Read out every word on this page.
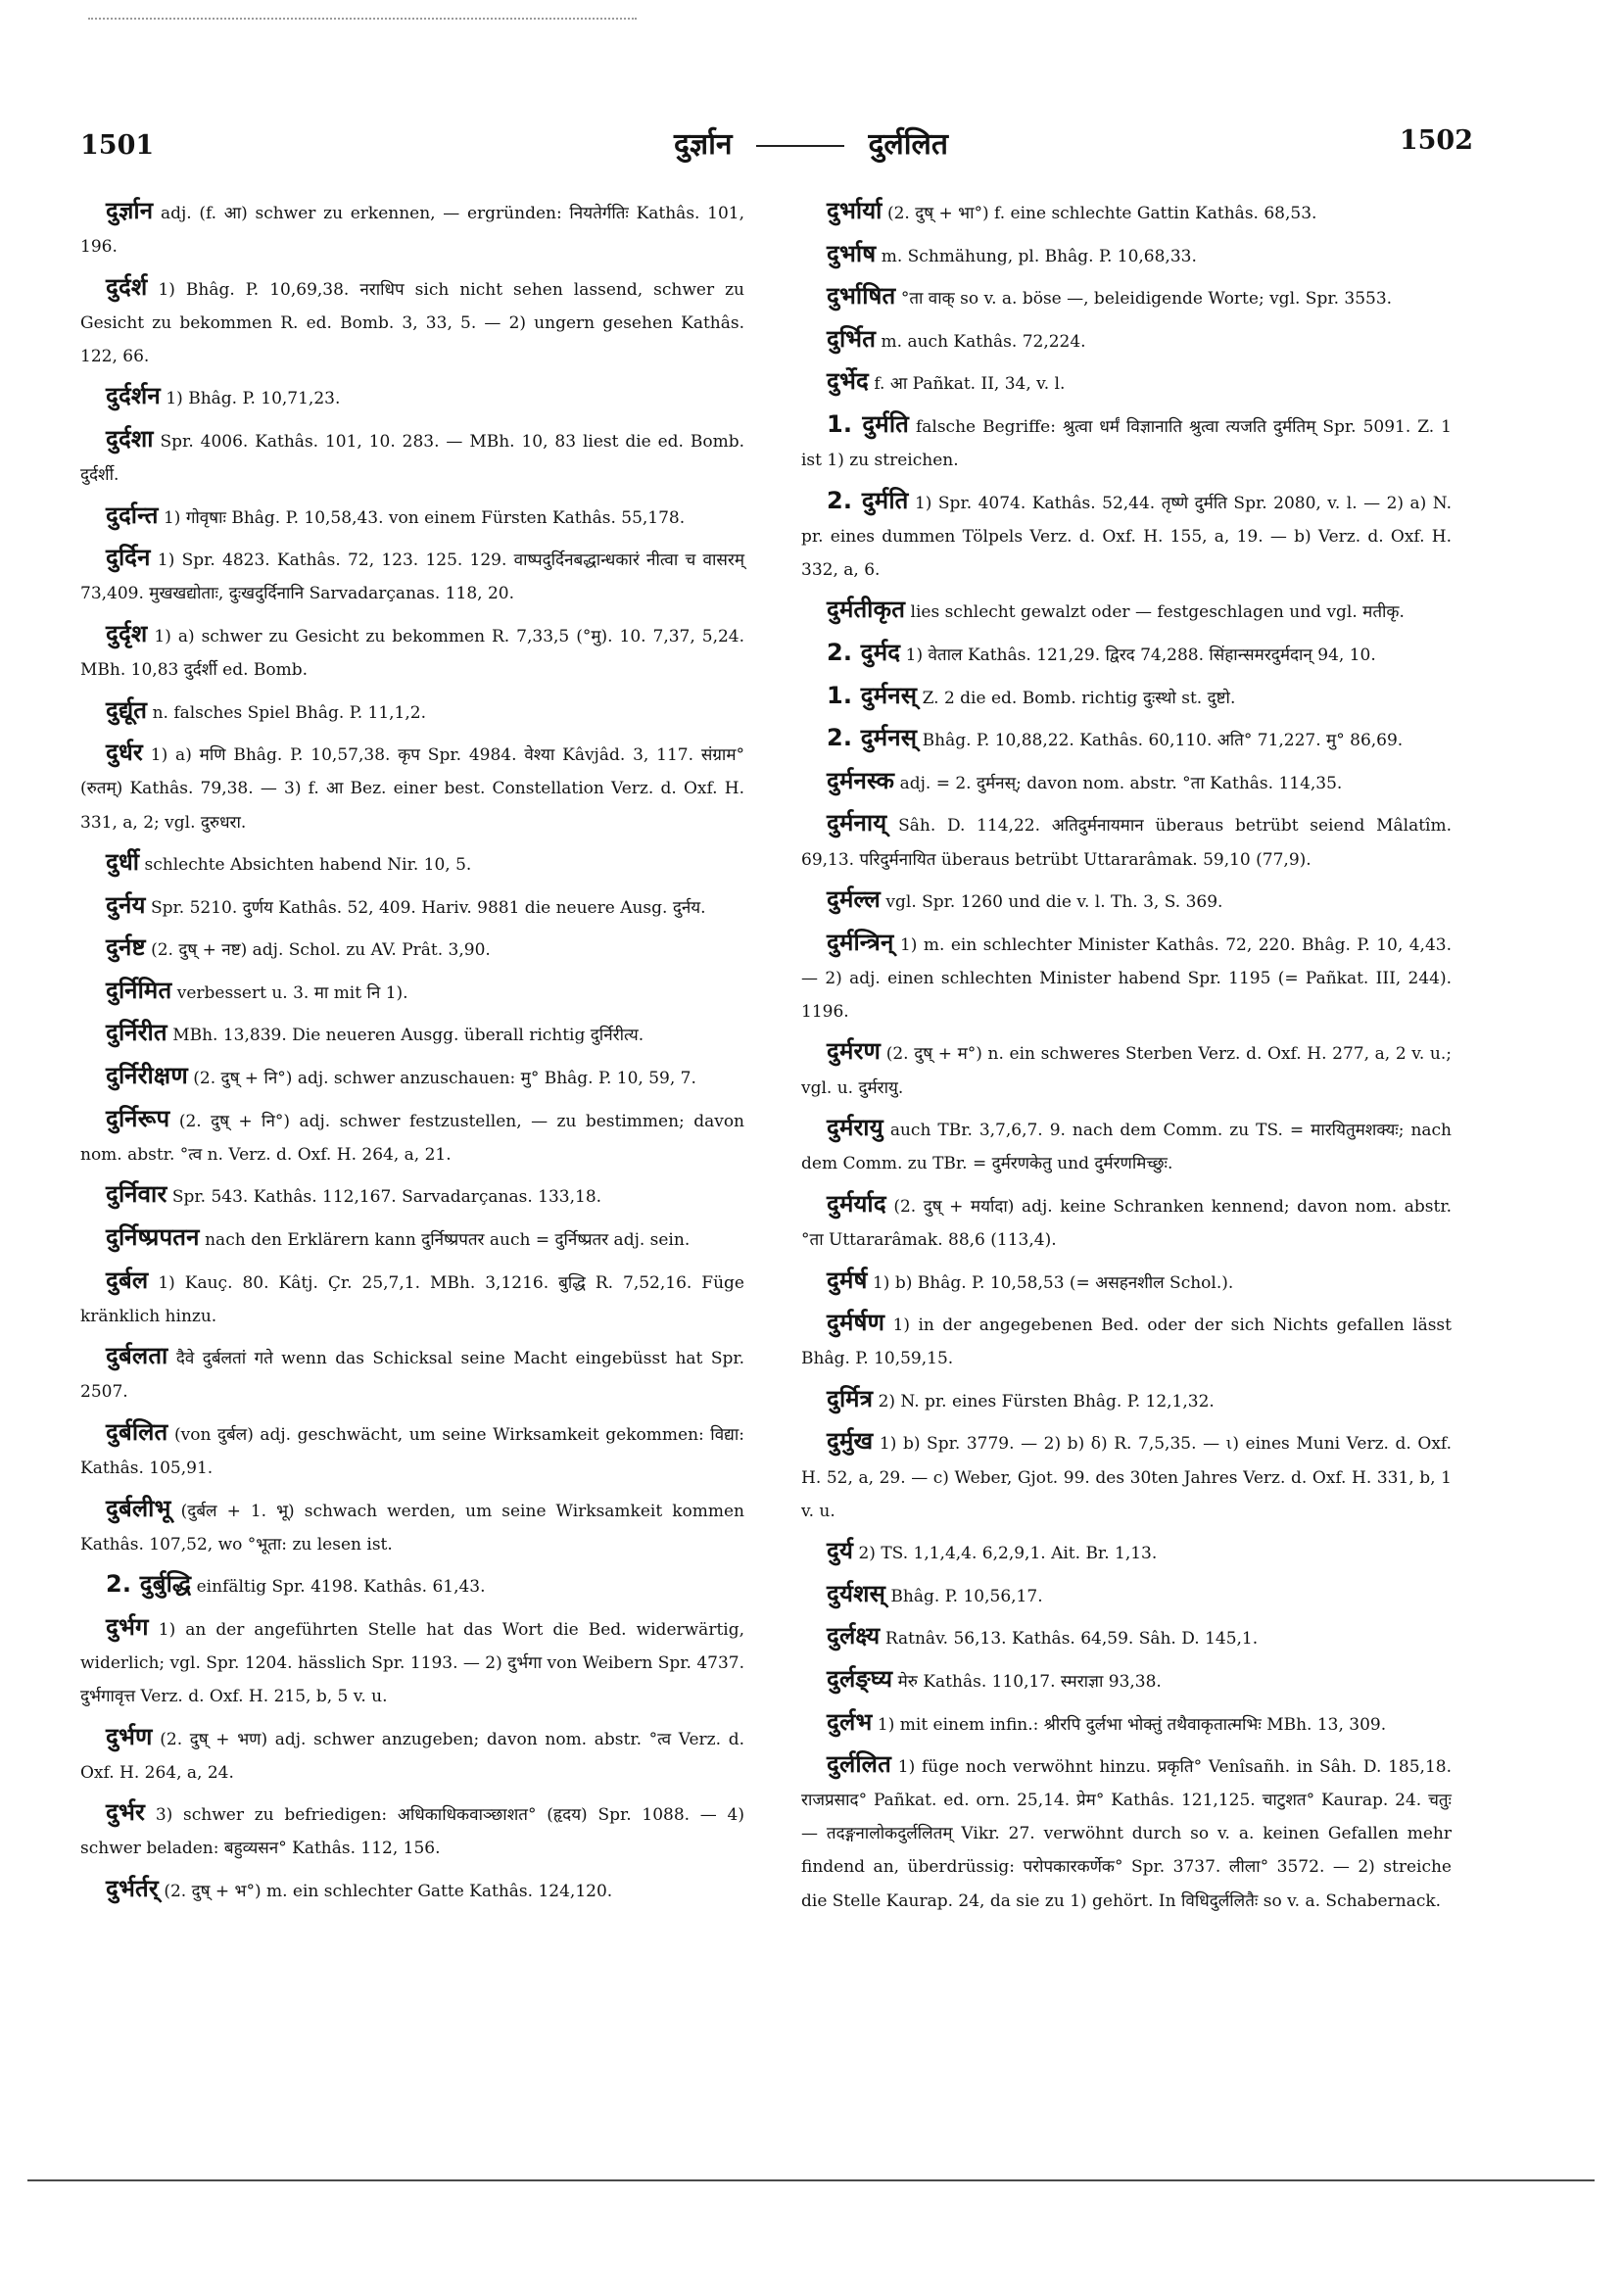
1501	दुर्ज्ञान	दुर्ललित	1502

दुर्ज्ञान adj. (f. आ) schwer zu erkennen, — ergründen: नियतेर्गतिः Kathâs. 101, 196.

दुर्दर्श 1) Bhâg. P. 10,69,38. नराधिप sich nicht sehen lassend, schwer zu Gesicht zu bekommen R. ed. Bomb. 3, 33, 5. — 2) ungern gesehen Kathâs. 122, 66.

दुर्दर्शन 1) Bhâg. P. 10,71,23.

दुर्दशा Spr. 4006. Kathâs. 101, 10. 283. — MBh. 10, 83 liest die ed. Bomb. दुर्दर्शी.

दुर्दान्त 1) गोवृषाः Bhâg. P. 10,58,43. von einem Fürsten Kathâs. 55,178.

दुर्दिन 1) Spr. 4823. Kathâs. 72, 123. 125. 129. वाष्पदुर्दिनबद्धान्धकारं नीत्वा च वासरम् 73,409. मुखखद्योताः, दुःखदुर्दिनानि Sarvadarçanas. 118, 20.

दुर्दृश 1) a) schwer zu Gesicht zu bekommen R. 7,33,5 (°मु). 10. 7,37, 5,24. MBh. 10,83 दुर्दर्शी ed. Bomb.

दुर्द्यूत n. falsches Spiel Bhâg. P. 11,1,2.

दुर्धर 1) a) मणि Bhâg. P. 10,57,38. कृप Spr. 4984. वेश्या Kâvjâd. 3, 117. संग्राम° (रुतम्) Kathâs. 79,38. — 3) f. आ Bez. einer best. Constellation Verz. d. Oxf. H. 331, a, 2; vgl. दुरुधरा.

दुर्धी schlechte Absichten habend Nir. 10, 5.

दुर्नय Spr. 5210. दुर्णय Kathâs. 52, 409. Hariv. 9881 die neuere Ausg. दुर्नय.

दुर्नष्ट (2. दुष् + नष्ट) adj. Schol. zu AV. Prât. 3,90.

दुर्निमित verbessert u. 3. मा mit नि 1).

दुर्निरीत MBh. 13,839. Die neueren Ausgg. überall richtig दुर्निरीत्य.

दुर्निरीक्षण (2. दुष् + नि°) adj. schwer anzuschauen: मु° Bhâg. P. 10, 59, 7.

दुर्निरूप (2. दुष् + नि°) adj. schwer festzustellen, — zu bestimmen; davon nom. abstr. °त्व n. Verz. d. Oxf. H. 264, a, 21.

दुर्निवार Spr. 543. Kathâs. 112,167. Sarvadarçanas. 133,18.

दुर्निष्प्रपतन nach den Erklärern kann दुर्निष्प्रपतर auch = दुर्निष्प्रतर adj. sein.

दुर्बल 1) Kauç. 80. Kâtj. Çr. 25,7,1. MBh. 3,1216. बुद्धि R. 7,52,16. Füge kränklich hinzu.

दुर्बलता दैवे दुर्बलतां गते wenn das Schicksal seine Macht eingebüsst hat Spr. 2507.

दुर्बलित (von दुर्बल) adj. geschwächt, um seine Wirksamkeit gekommen: विद्या: Kathâs. 105,91.

दुर्बलीभू (दुर्बल + 1. भू) schwach werden, um seine Wirksamkeit kommen Kathâs. 107,52, wo °भूता: zu lesen ist.

2. दुर्बुद्धि einfältig Spr. 4198. Kathâs. 61,43.

दुर्भग 1) an der angeführten Stelle hat das Wort die Bed. widerwärtig, widerlich; vgl. Spr. 1204. hässlich Spr. 1193. — 2) दुर्भगा von Weibern Spr. 4737. दुर्भगावृत्त Verz. d. Oxf. H. 215, b, 5 v. u.

दुर्भण (2. दुष् + भण) adj. schwer anzugeben; davon nom. abstr. °त्व Verz. d. Oxf. H. 264, a, 24.

दुर्भर 3) schwer zu befriedigen: अधिकाधिकवाञ्छाशत° (हृदय) Spr. 1088. — 4) schwer beladen: बहुव्यसन° Kathâs. 112, 156.

दुर्भर्तर् (2. दुष् + भ°) m. ein schlechter Gatte Kathâs. 124,120.

दुर्भार्या (2. दुष् + भा°) f. eine schlechte Gattin Kathâs. 68,53.

दुर्भाष m. Schmähung, pl. Bhâg. P. 10,68,33.

दुर्भाषित °ता वाक् so v. a. böse —, beleidigende Worte; vgl. Spr. 3553.

दुर्भित m. auch Kathâs. 72,224.

दुर्भेद f. आ Pañkat. II, 34, v. l.

1. दुर्मति falsche Begriffe: श्रुत्वा धर्मं विज्ञानाति श्रुत्वा त्यजति दुर्मतिम् Spr. 5091. Z. 1 ist 1) zu streichen.

2. दुर्मति 1) Spr. 4074. Kathâs. 52,44. तृष्णे दुर्मति Spr. 2080, v. l. — 2) a) N. pr. eines dummen Tölpels Verz. d. Oxf. H. 155, a, 19. — b) Verz. d. Oxf. H. 332, a, 6.

दुर्मतीकृत lies schlecht gewalzt oder — festgeschlagen und vgl. मतीकृ.

2. दुर्मद 1) वेताल Kathâs. 121,29. द्विरद 74,288. सिंहान्समरदुर्मदान् 94, 10.

1. दुर्मनस् Z. 2 die ed. Bomb. richtig दुःस्थो st. दुष्टो.

2. दुर्मनस् Bhâg. P. 10,88,22. Kathâs. 60,110. अति° 71,227. मु° 86,69.

दुर्मनस्क adj. = 2. दुर्मनस्; davon nom. abstr. °ता Kathâs. 114,35.

दुर्मनाय् Sâh. D. 114,22. अतिदुर्मनायमान überaus betrübt seiend Mâlatîm. 69,13. परिदुर्मनायित überaus betrübt Uttararâmak. 59,10 (77,9).

दुर्मल्ल vgl. Spr. 1260 und die v. l. Th. 3, S. 369.

दुर्मन्त्रिन् 1) m. ein schlechter Minister Kathâs. 72, 220. Bhâg. P. 10, 4,43. — 2) adj. einen schlechten Minister habend Spr. 1195 (= Pañkat. III, 244). 1196.

दुर्मरण (2. दुष् + म°) n. ein schweres Sterben Verz. d. Oxf. H. 277, a, 2 v. u.; vgl. u. दुर्मरायु.

दुर्मरायु auch TBr. 3,7,6,7. 9. nach dem Comm. zu TS. = मारयितुमशक्यः; nach dem Comm. zu TBr. = दुर्मरणकेतु und दुर्मरणमिच्छुः.

दुर्मर्याद (2. दुष् + मर्यादा) adj. keine Schranken kennend; davon nom. abstr. °ता Uttararâmak. 88,6 (113,4).

दुर्मर्ष 1) b) Bhâg. P. 10,58,53 (= असहनशील Schol.).

दुर्मर्षण 1) in der angegebenen Bed. oder der sich Nichts gefallen lässt Bhâg. P. 10,59,15.

दुर्मित्र 2) N. pr. eines Fürsten Bhâg. P. 12,1,32.

दुर्मुख 1) b) Spr. 3779. — 2) b) δ) R. 7,5,35. — ι) eines Muni Verz. d. Oxf. H. 52, a, 29. — c) Weber, Gjot. 99. des 30ten Jahres Verz. d. Oxf. H. 331, b, 1 v. u.

दुर्य 2) TS. 1,1,4,4. 6,2,9,1. Ait. Br. 1,13.

दुर्यशस् Bhâg. P. 10,56,17.

दुर्लक्ष्य Ratnâv. 56,13. Kathâs. 64,59. Sâh. D. 145,1.

दुर्लङ्घ्य मेरु Kathâs. 110,17. स्मराज्ञा 93,38.

दुर्लभ 1) mit einem infin.: श्रीरपि दुर्लभा भोक्तुं तथैवाकृतात्मभिः MBh. 13, 309.

दुर्ललित 1) füge noch verwöhnt hinzu. प्रकृति° Venîsañh. in Sâh. D. 185,18. राजप्रसाद° Pañkat. ed. orn. 25,14. प्रेम° Kathâs. 121,125. चाटुशत° Kaurap. 24. चतुः — तदङ्गनालोकदुर्ललितम् Vikr. 27. verwöhnt durch so v. a. keinen Gefallen mehr findend an, überdrüssig: परोपकारकर्णेक° Spr. 3737. लीला° 3572. — 2) streiche die Stelle Kaurap. 24, da sie zu 1) gehört. In विधिदुर्ललितैः so v. a. Schabernack.
